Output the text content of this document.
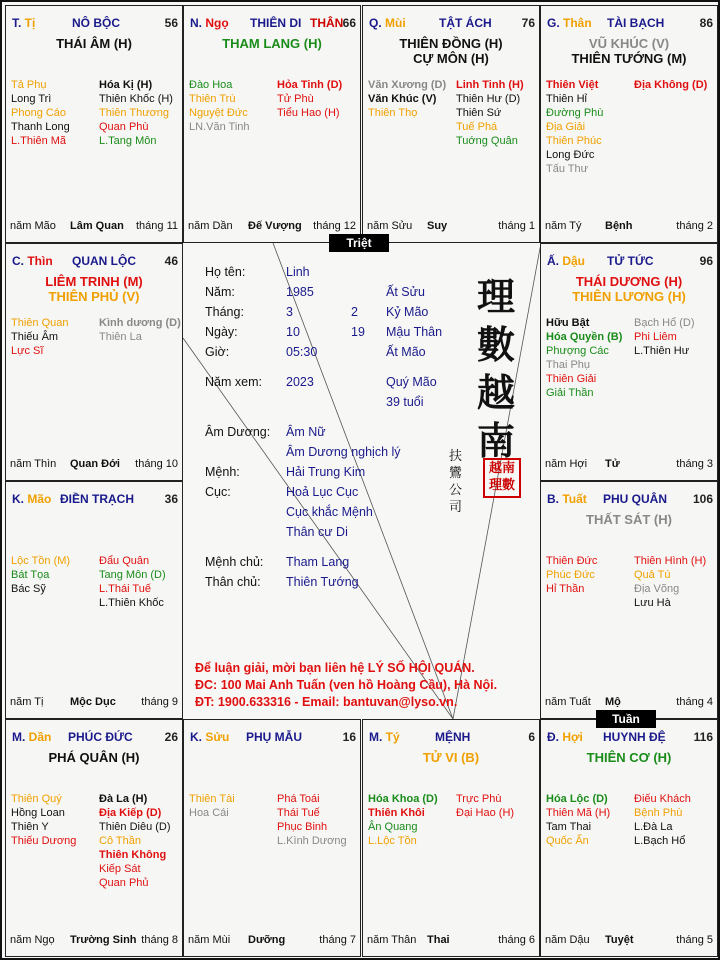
Họ tên:	Linh
Năm:	1985	Ất Sửu
Tháng:	3	2 Kỷ Mão
Ngày:	10	19 Mậu Thân
Giờ:	05:30	Ất Mão
Năm xem: 2023	Quý Mão
39 tuổi
Âm Dương: Âm Nữ
Âm Dương nghịch lý
Mệnh:	Hải Trung Kim
Cục:	Hoả Lục Cục
Cục khắc Mệnh
Thân cư Di
Mệnh chủ: Tham Lang
Thân chủ: Thiên Tướng
理數越南
扶鸞公司
越南理數
Để luận giải, mời bạn liên hệ LÝ SỐ HỘI QUÁN.
ĐC: 100 Mai Anh Tuấn (ven hồ Hoàng Cầu), Hà Nội.
ĐT: 1900.633316 - Email: bantuvan@lyso.vn.
T. Tị	NÔ BỘC	56
THÁI ÂM (H)
Tả Phụ
Long Trì
Phong Cáo
Thanh Long
L.Thiên Mã
Hóa Kị (H)
Thiên Khốc (H)
Thiên Thương
Quan Phù
L.Tang Môn
năm Mão Lâm Quan tháng 11
N. Ngọ THIÊN DI THÂN 66
THAM LANG (H)
Đào Hoa
Thiên Trù
Nguyệt Đức
LN.Văn Tinh
Hỏa Tinh (D)
Tử Phù
Tiểu Hao (H)
năm Dần Đế Vượng tháng 12
Q. Mùi	TẬT ÁCH 76
THIÊN ĐỒNG (H)
CỰ MÔN (H)
Văn Xương (D)
Văn Khúc (V)
Thiên Thọ
Linh Tinh (H)
Thiên Hư (D)
Thiên Sứ
Tuế Phá
Tuớng Quân
năm Sửu Suy	tháng 1
G. Thân TÀI BẠCH	86
VŨ KHÚC (V)
THIÊN TƯỚNG (M)
Thiên Việt
Thiên Hỉ
Đường Phù
Địa Giải
Thiên Phúc
Long Đức
Tấu Thư
Địa Không (D)
năm Tý Bệnh	tháng 2
C. Thìn QUAN LỘC 46
LIÊM TRINH (M)
THIÊN PHỦ (V)
Thiên Quan
Thiếu Âm
Lực Sĩ
Kình dương (D)
Thiên La
năm Thìn Quan Đới tháng 10
Ấ. Dậu TỬ TỨC	96
THÁI DƯƠNG (H)
THIÊN LƯƠNG (H)
Hữu Bật
Hóa Quyền (B)
Phượng Các
Thai Phụ
Thiên Giải
Giải Thần
Bạch Hổ (D)
Phi Liêm
L.Thiên Hư
năm Hợi Tử	tháng 3
K. Mão ĐIỀN TRẠCH	36
Lộc Tồn (M)
Bát Tọa
Bác Sỹ
Đẩu Quân
Tang Môn (D)
L.Thái Tuế
L.Thiên Khốc
năm Tị Mộc Dục tháng 9
B. Tuất PHU QUÂN 106
THẤT SÁT (H)
Thiên Đức
Phúc Đức
Hỉ Thần
Thiên Hình (H)
Quả Tú
Địa Võng
Lưu Hà
năm Tuất Mộ	tháng 4
M. Dần PHÚC ĐỨC	26
PHÁ QUÂN (H)
Thiên Quý
Hồng Loan
Thiên Y
Thiếu Dương
Đà La (H)
Địa Kiếp (D)
Thiên Diêu (D)
Cô Thần
Thiên Không
Kiếp Sát
Quan Phủ
năm Ngọ Trường Sinh tháng 8
K. Sửu PHỤ MẪU	16
Thiên Tài
Hoa Cái
Phá Toái
Thái Tuế
Phục Binh
L.Kình Dương
năm Mùi Dưỡng	tháng 7
M. Tý	MỆNH	6
TỬ VI (B)
Hóa Khoa (D)
Thiên Khôi
Ân Quang
L.Lộc Tồn
Trực Phù
Đại Hao (H)
năm Thân Thai	tháng 6
Đ. Hợi HUYNH ĐỆ 116
THIÊN CƠ (H)
Hóa Lộc (D)
Thiên Mã (H)
Tam Thai
Quốc Ấn
Điếu Khách
Bệnh Phù
L.Đà La
L.Bạch Hổ
năm Dậu Tuyệt	tháng 5
Triệt
Tuần
